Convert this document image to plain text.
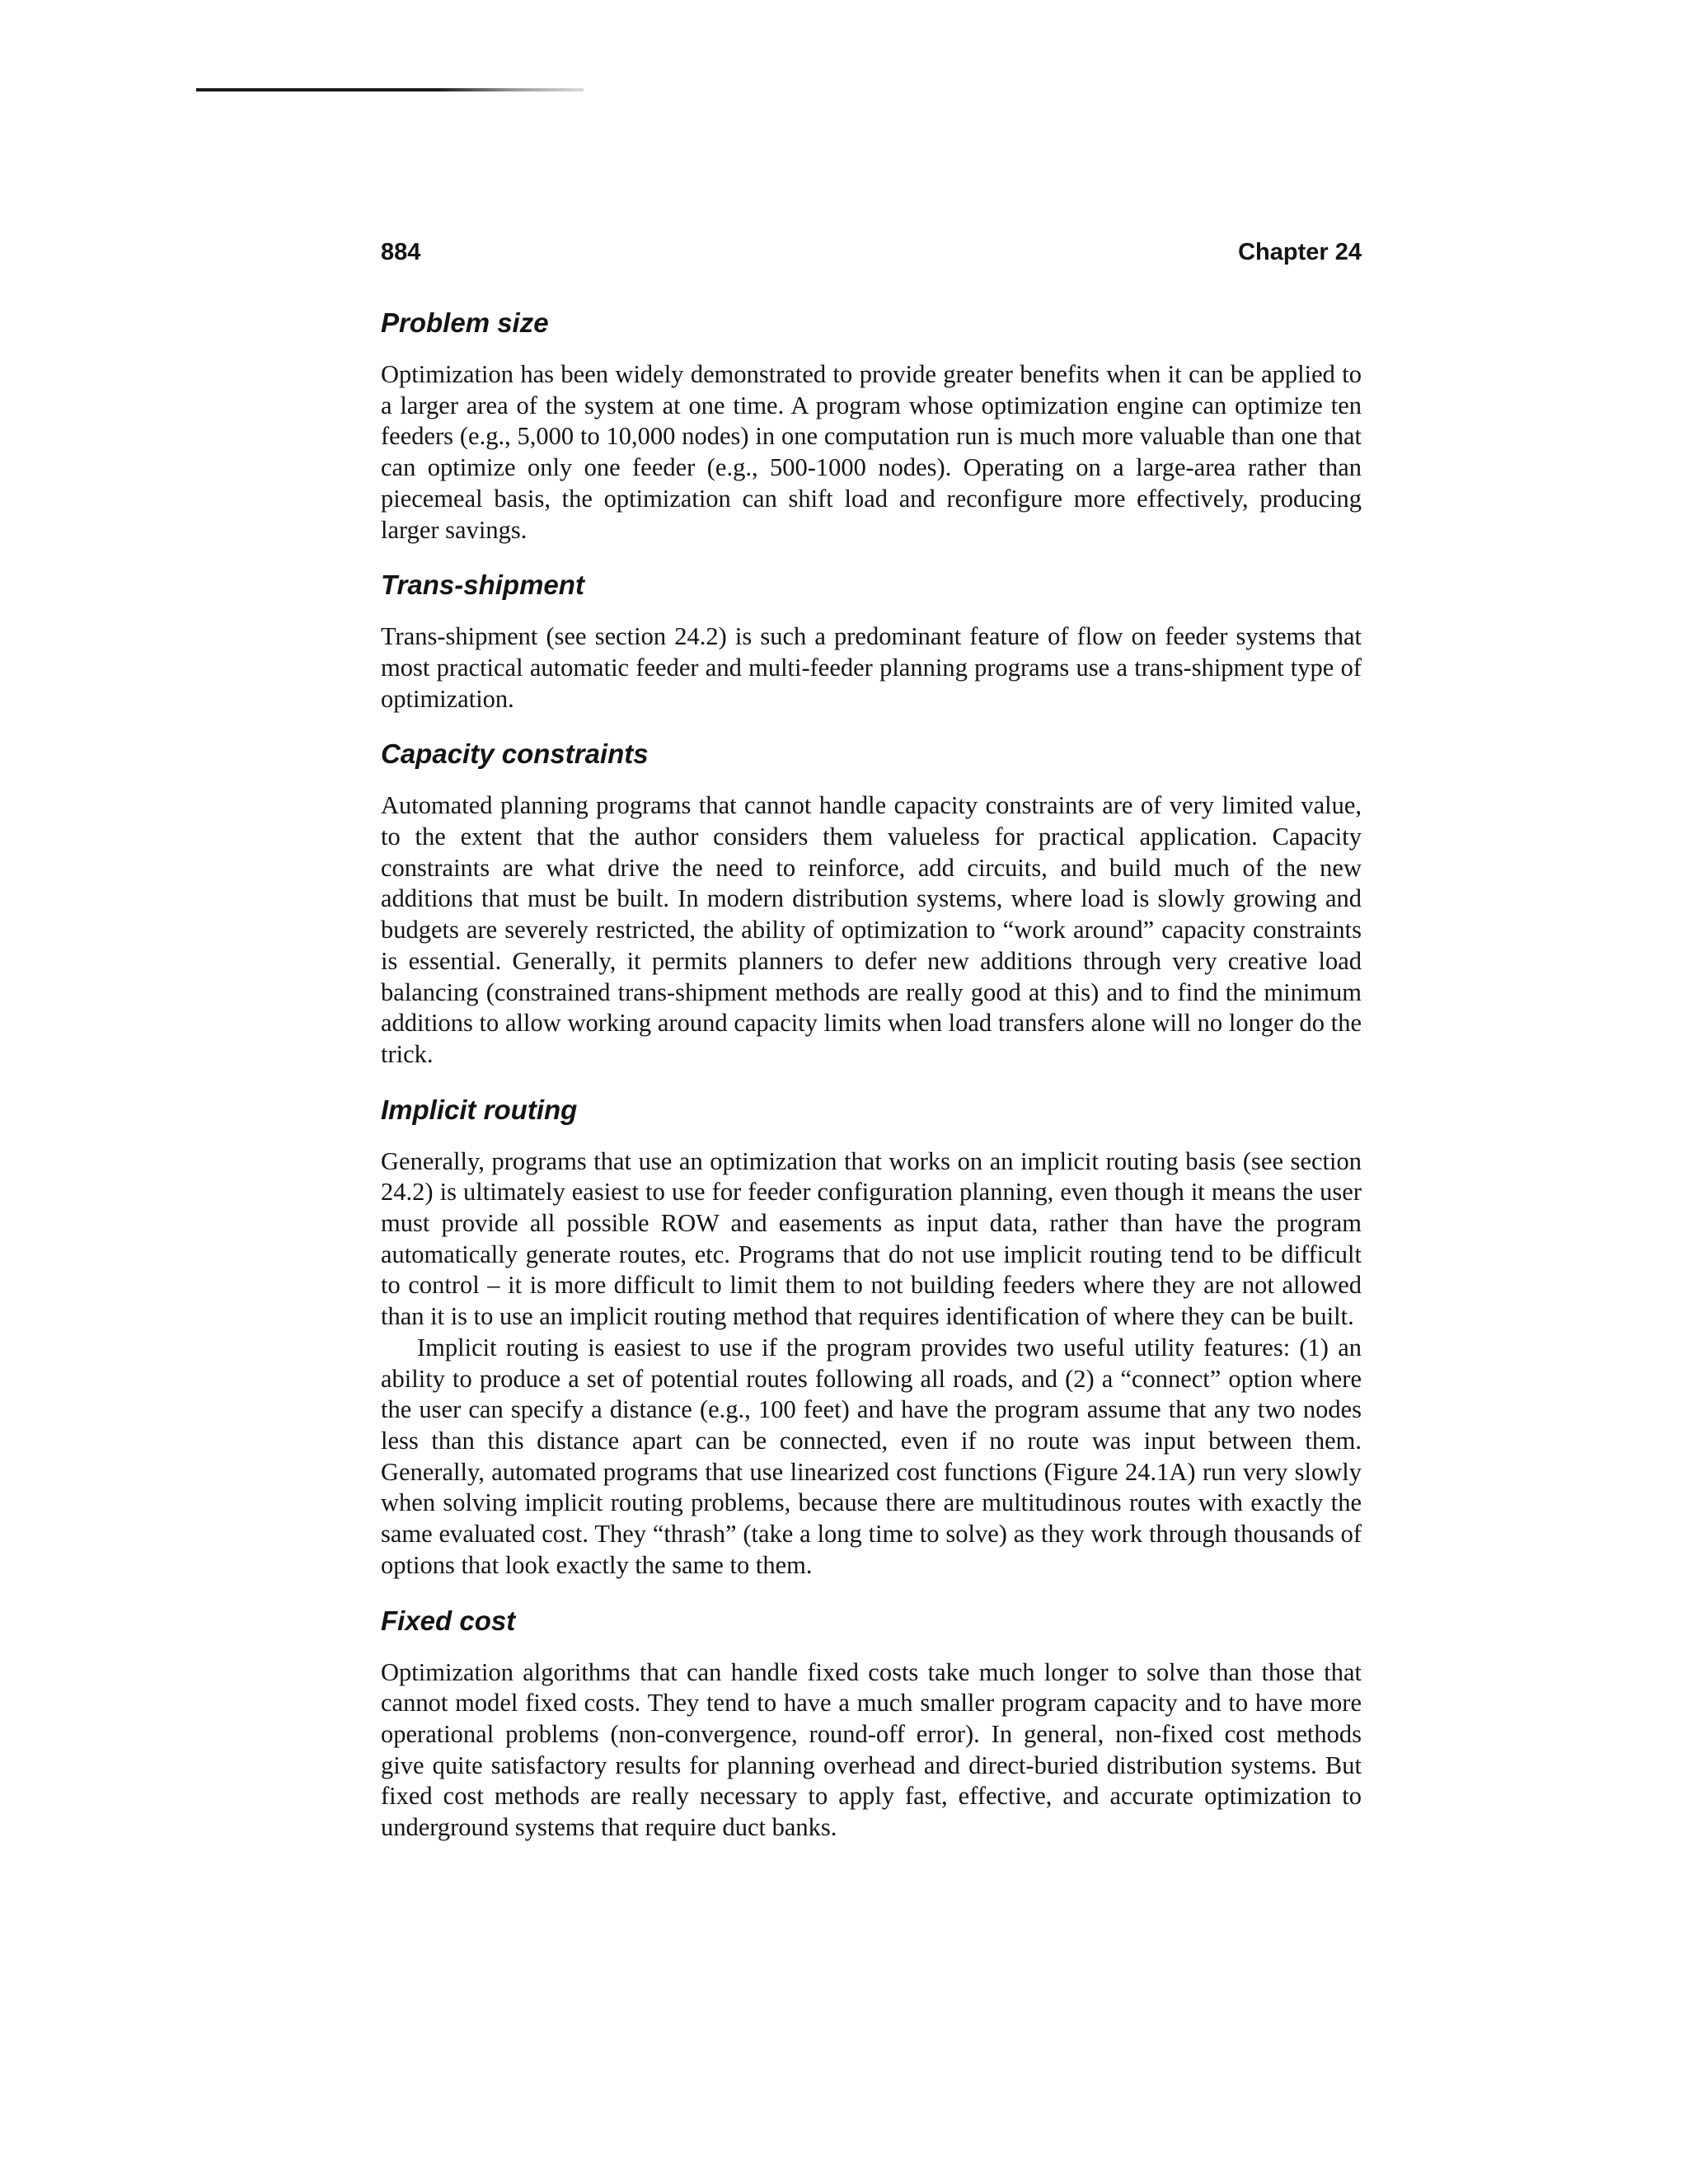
884	Chapter 24
Problem size

Optimization has been widely demonstrated to provide greater benefits when it can be applied to a larger area of the system at one time. A program whose optimization engine can optimize ten feeders (e.g., 5,000 to 10,000 nodes) in one computation run is much more valuable than one that can optimize only one feeder (e.g., 500-1000 nodes). Operating on a large-area rather than piecemeal basis, the optimization can shift load and reconfigure more effectively, producing larger savings.

Trans-shipment

Trans-shipment (see section 24.2) is such a predominant feature of flow on feeder systems that most practical automatic feeder and multi-feeder planning programs use a trans-shipment type of optimization.

Capacity constraints

Automated planning programs that cannot handle capacity constraints are of very limited value, to the extent that the author considers them valueless for practical application. Capacity constraints are what drive the need to reinforce, add circuits, and build much of the new additions that must be built. In modern distribution systems, where load is slowly growing and budgets are severely restricted, the ability of optimization to “work around” capacity constraints is essential. Generally, it permits planners to defer new additions through very creative load balancing (constrained trans-shipment methods are really good at this) and to find the minimum additions to allow working around capacity limits when load transfers alone will no longer do the trick.

Implicit routing

Generally, programs that use an optimization that works on an implicit routing basis (see section 24.2) is ultimately easiest to use for feeder configuration planning, even though it means the user must provide all possible ROW and easements as input data, rather than have the program automatically generate routes, etc. Programs that do not use implicit routing tend to be difficult to control – it is more difficult to limit them to not building feeders where they are not allowed than it is to use an implicit routing method that requires identification of where they can be built.

Implicit routing is easiest to use if the program provides two useful utility features: (1) an ability to produce a set of potential routes following all roads, and (2) a “connect” option where the user can specify a distance (e.g., 100 feet) and have the program assume that any two nodes less than this distance apart can be connected, even if no route was input between them. Generally, automated programs that use linearized cost functions (Figure 24.1A) run very slowly when solving implicit routing problems, because there are multitudinous routes with exactly the same evaluated cost. They “thrash” (take a long time to solve) as they work through thousands of options that look exactly the same to them.

Fixed cost

Optimization algorithms that can handle fixed costs take much longer to solve than those that cannot model fixed costs. They tend to have a much smaller program capacity and to have more operational problems (non-convergence, round-off error). In general, non-fixed cost methods give quite satisfactory results for planning overhead and direct-buried distribution systems. But fixed cost methods are really necessary to apply fast, effective, and accurate optimization to underground systems that require duct banks.
